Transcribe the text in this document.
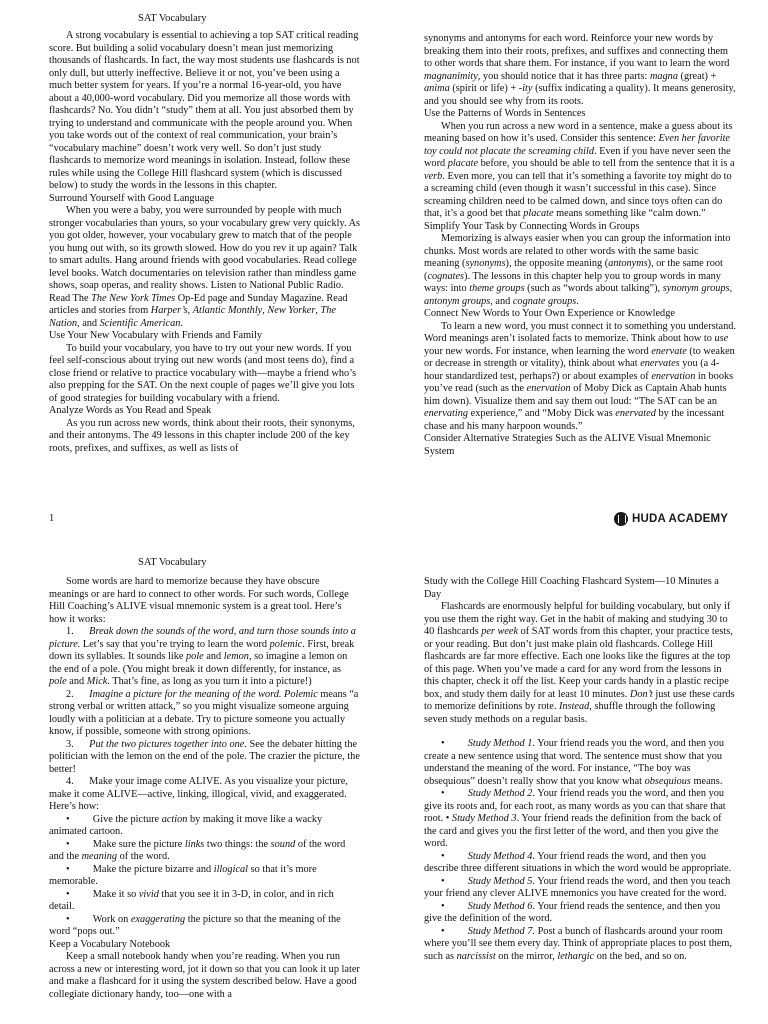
SAT Vocabulary

A strong vocabulary is essential to achieving a top SAT critical reading score. But building a solid vocabulary doesn’t mean just memorizing thousands of flashcards. In fact, the way most students use flashcards is not only dull, but utterly ineffective. Believe it or not, you’ve been using a much better system for years. If you’re a normal 16-year-old, you have about a 40,000-word vocabulary. Did you memorize all those words with flashcards? No. You didn’t “study” them at all. You just absorbed them by trying to understand and communicate with the people around you. When you take words out of the context of real communication, your brain’s “vocabulary machine” doesn’t work very well. So don’t just study flashcards to memorize word meanings in isolation. Instead, follow these rules while using the College Hill flashcard system (which is discussed below) to study the words in the lessons in this chapter.

Surround Yourself with Good Language

When you were a baby, you were surrounded by people with much stronger vocabularies than yours, so your vocabulary grew very quickly. As you got older, however, your vocabulary grew to match that of the people you hung out with, so its growth slowed. How do you rev it up again? Talk to smart adults. Hang around friends with good vocabularies. Read college level books. Watch documentaries on television rather than mindless game shows, soap operas, and reality shows. Listen to National Public Radio. Read The The New York Times Op-Ed page and Sunday Magazine. Read articles and stories from Harper’s, Atlantic Monthly, New Yorker, The Nation, and Scientific American.

Use Your New Vocabulary with Friends and Family

To build your vocabulary, you have to try out your new words. If you feel self-conscious about trying out new words (and most teens do), find a close friend or relative to practice vocabulary with—maybe a friend who’s also prepping for the SAT. On the next couple of pages we’ll give you lots of good strategies for building vocabulary with a friend.

Analyze Words as You Read and Speak

As you run across new words, think about their roots, their synonyms, and their antonyms. The 49 lessons in this chapter include 200 of the key roots, prefixes, and suffixes, as well as lists of

synonyms and antonyms for each word. Reinforce your new words by breaking them into their roots, prefixes, and suffixes and connecting them to other words that share them. For instance, if you want to learn the word magnanimity, you should notice that it has three parts: magna (great) + anima (spirit or life) + -ity (suffix indicating a quality). It means generosity, and you should see why from its roots.

Use the Patterns of Words in Sentences

When you run across a new word in a sentence, make a guess about its meaning based on how it’s used. Consider this sentence: Even her favorite toy could not placate the screaming child. Even if you have never seen the word placate before, you should be able to tell from the sentence that it is a verb. Even more, you can tell that it’s something a favorite toy might do to a screaming child (even though it wasn’t successful in this case). Since screaming children need to be calmed down, and since toys often can do that, it’s a good bet that placate means something like “calm down.”

Simplify Your Task by Connecting Words in Groups

Memorizing is always easier when you can group the information into chunks. Most words are related to other words with the same basic meaning (synonyms), the opposite meaning (antonyms), or the same root (cognates). The lessons in this chapter help you to group words in many ways: into theme groups (such as “words about talking”), synonym groups, antonym groups, and cognate groups.

Connect New Words to Your Own Experience or Knowledge

To learn a new word, you must connect it to something you understand. Word meanings aren’t isolated facts to memorize. Think about how to use your new words. For instance, when learning the word enervate (to weaken or decrease in strength or vitality), think about what enervates you (a 4-hour standardized test, perhaps?) or about examples of enervation in books you’ve read (such as the enervation of Moby Dick as Captain Ahab hunts him down). Visualize them and say them out loud: “The SAT can be an enervating experience,” and “Moby Dick was enervated by the incessant chase and his many harpoon wounds.”

Consider Alternative Strategies Such as the ALIVE Visual Mnemonic System

1	HUDA ACADEMY
SAT Vocabulary

Some words are hard to memorize because they have obscure meanings or are hard to connect to other words. For such words, College Hill Coaching’s ALIVE visual mnemonic system is a great tool. Here’s how it works:

1.      Break down the sounds of the word, and turn those sounds into a picture. Let’s say that you’re trying to learn the word polemic. First, break down its syllables. It sounds like pole and lemon, so imagine a lemon on the end of a pole. (You might break it down differently, for instance, as pole and Mick. That’s fine, as long as you turn it into a picture!)

2.      Imagine a picture for the meaning of the word. Polemic means “a strong verbal or written attack,” so you might visualize someone arguing loudly with a politician at a debate. Try to picture someone you actually know, if possible, someone with strong opinions.

3.      Put the two pictures together into one. See the debater hitting the politician with the lemon on the end of the pole. The crazier the picture, the better!

4.      Make your image come ALIVE. As you visualize your picture, make it come ALIVE—active, linking, illogical, vivid, and exaggerated. Here’s how:

•         Give the picture action by making it move like a wacky animated cartoon.

•         Make sure the picture links two things: the sound of the word and the meaning of the word.

•         Make the picture bizarre and illogical so that it’s more memorable.

•         Make it so vivid that you see it in 3-D, in color, and in rich detail.

•         Work on exaggerating the picture so that the meaning of the word “pops out.”

Keep a Vocabulary Notebook

Keep a small notebook handy when you’re reading. When you run across a new or interesting word, jot it down so that you can look it up later and make a flashcard for it using the system described below. Have a good collegiate dictionary handy, too—one with a

Study with the College Hill Coaching Flashcard System—10 Minutes a Day

Flashcards are enormously helpful for building vocabulary, but only if you use them the right way. Get in the habit of making and studying 30 to 40 flashcards per week of SAT words from this chapter, your practice tests, or your reading. But don’t just make plain old flashcards. College Hill flashcards are far more effective. Each one looks like the figures at the top of this page. When you’ve made a card for any word from the lessons in this chapter, check it off the list. Keep your cards handy in a plastic recipe box, and study them daily for at least 10 minutes. Don’t just use these cards to memorize definitions by rote. Instead, shuffle through the following seven study methods on a regular basis.

•         Study Method 1. Your friend reads you the word, and then you create a new sentence using that word. The sentence must show that you understand the meaning of the word. For instance, “The boy was obsequious” doesn’t really show that you know what obsequious means.

•         Study Method 2. Your friend reads you the word, and then you give its roots and, for each root, as many words as you can that share that root. • Study Method 3. Your friend reads the definition from the back of the card and gives you the first letter of the word, and then you give the word.

•         Study Method 4. Your friend reads the word, and then you describe three different situations in which the word would be appropriate.

•         Study Method 5. Your friend reads the word, and then you teach your friend any clever ALIVE mnemonics you have created for the word.

•         Study Method 6. Your friend reads the sentence, and then you give the definition of the word.

•         Study Method 7. Post a bunch of flashcards around your room where you’ll see them every day. Think of appropriate places to post them, such as narcissist on the mirror, lethargic on the bed, and so on.
